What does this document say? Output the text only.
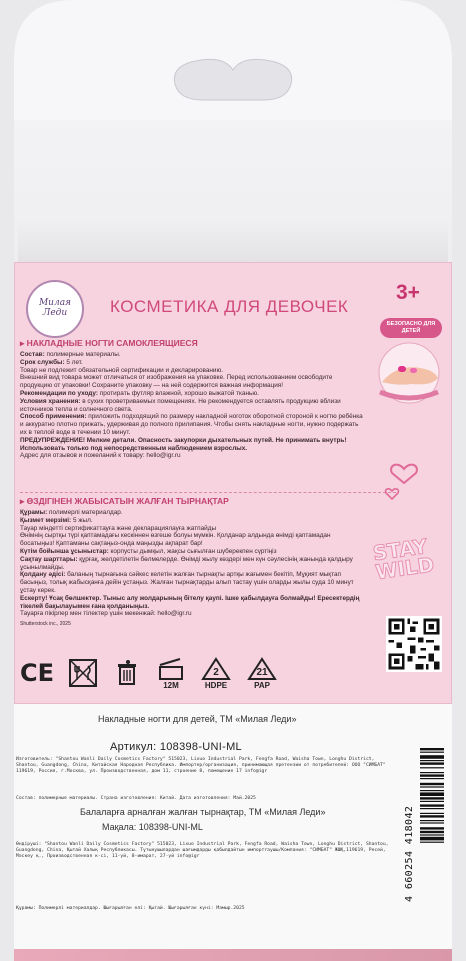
Милая Леди	КОСМЕТИКА ДЛЯ ДЕВОЧЕК
3+
БЕЗОПАСНО ДЛЯ ДЕТЕЙ
▸ НАКЛАДНЫЕ НОГТИ САМОКЛЕЯЩИЕСЯ
Состав: полимерные материалы.
Срок службы: 5 лет.
Товар не подлежит обязательной сертификации и декларированию.
Внешний вид товара может отличаться от изображения на упаковке. Перед использованием освободите продукцию от упаковки! Сохраните упаковку — на ней содержится важная информация!
Рекомендации по уходу: протирать футляр влажной, хорошо выжатой тканью.
Условия хранения: в сухих проветриваемых помещениях. Не рекомендуется оставлять продукцию вблизи источников тепла и солнечного света.
Способ применения: приложить подходящий по размеру накладной ноготок оборотной стороной к ногтю ребёнка и аккуратно плотно прижать, удерживая до полного прилипания. Чтобы снять накладные ногти, нужно подержать их в теплой воде в течении 10 минут.
ПРЕДУПРЕЖДЕНИЕ! Мелкие детали. Опасность закупорки дыхательных путей. Не принимать внутрь! Использовать только под непосредственным наблюдением взрослых.
Адрес для отзывов и пожеланий к товару: hello@igr.ru
▸ ӨЗДІГІНЕН ЖАБЫСАТЫН ЖАЛҒАН ТЫРНАҚТАР
Құрамы: полимерлі материалдар.
Қызмет мерзімі: 5 жыл.
Тауар міндетті сертификаттауға және декларациялауға жатпайды
Өнімнің сыртқы түрі қаптамадағы кескіннен өзгеше болуы мүмкін. Қолданар алдында өнімді қаптамадан босатыңыз! Қаптаманы сақтаңыз-онда маңызды ақпарат бар!
Күтім бойынша ұсыныстар: корпусты дымқыл, жақсы сығылған шүберекпен сүртіңіз
Сақтау шарттары: құрғақ, желдетілетін бөлмелерде. Өнімді жылу көздері мен күн сәулесінің жанында қалдыру ұсынылмайды.
Қолдану әдісі: баланың тырнағына сәйкес келетін жалған тырнақты артқы жағымен бекітіп, Мұқият мықтап басыңыз, толық жабысқанға дейін ұстаңыз. Жалған тырнақтарды алып тастау үшін оларды жылы суда 10 минут ұстау керек.
Ескерту! Ұсақ бөлшектер. Тыныс алу жолдарының бітелу қаупі. Ішке қабылдауға болмайды! Ересектердің тікелей бақылауымен ғана қолданыңыз.
Тауарға пікірлер мен тілектер үшін мекенжай: hello@igr.ru
Shutterstock inc., 2025
STAY WILD
CE	12M
2
HDPE
21
PAP
Накладные ногти для детей, ТМ «Милая Леди»
Артикул: 108398-UNI-ML
Изготовитель: "Shantou Wanli Daily Cosmetics Factory" 515023, Lixuo Industrial Park, Fengfa Road, Waisha Town, Longhu District, Shantou, Guangdong, China, Китайская Народная Республика. Импортер/организация, принимающая претензии от потребителей: ООО "СИМБАТ" 119619, Россия, г.Москва, ул. Производственная, дом 11, строение 8, помещение 17 info@igr
Состав: полимерные материалы. Страна изготовления: Китай. Дата изготовления: Май.2025
Балаларға арналған жалған тырнақтар, ТМ «Милая Леди»
Мақала: 108398-UNI-ML
Өндіруші: "Shantou Wanli Daily Cosmetics Factory" 515023, Lixuo Industrial Park, Fengfa Road, Waisha Town, Longhu District, Shantou, Guangdong, China, Қытай Халық Республикасы. Тұтынушылардан шағымдарды қабылдайтын импорттаушы/Компания: "СИМБАТ" ЖШҚ,119619, Ресей, Мәскеу қ., Производственная к-сі, 11-үй, 8-имарат, 27-үй info@igr
Құрамы: Полимерлі материалдар. Шығарылған елі: Қытай. Шығарылған күні: Мамыр.2025
4 660254 418042
